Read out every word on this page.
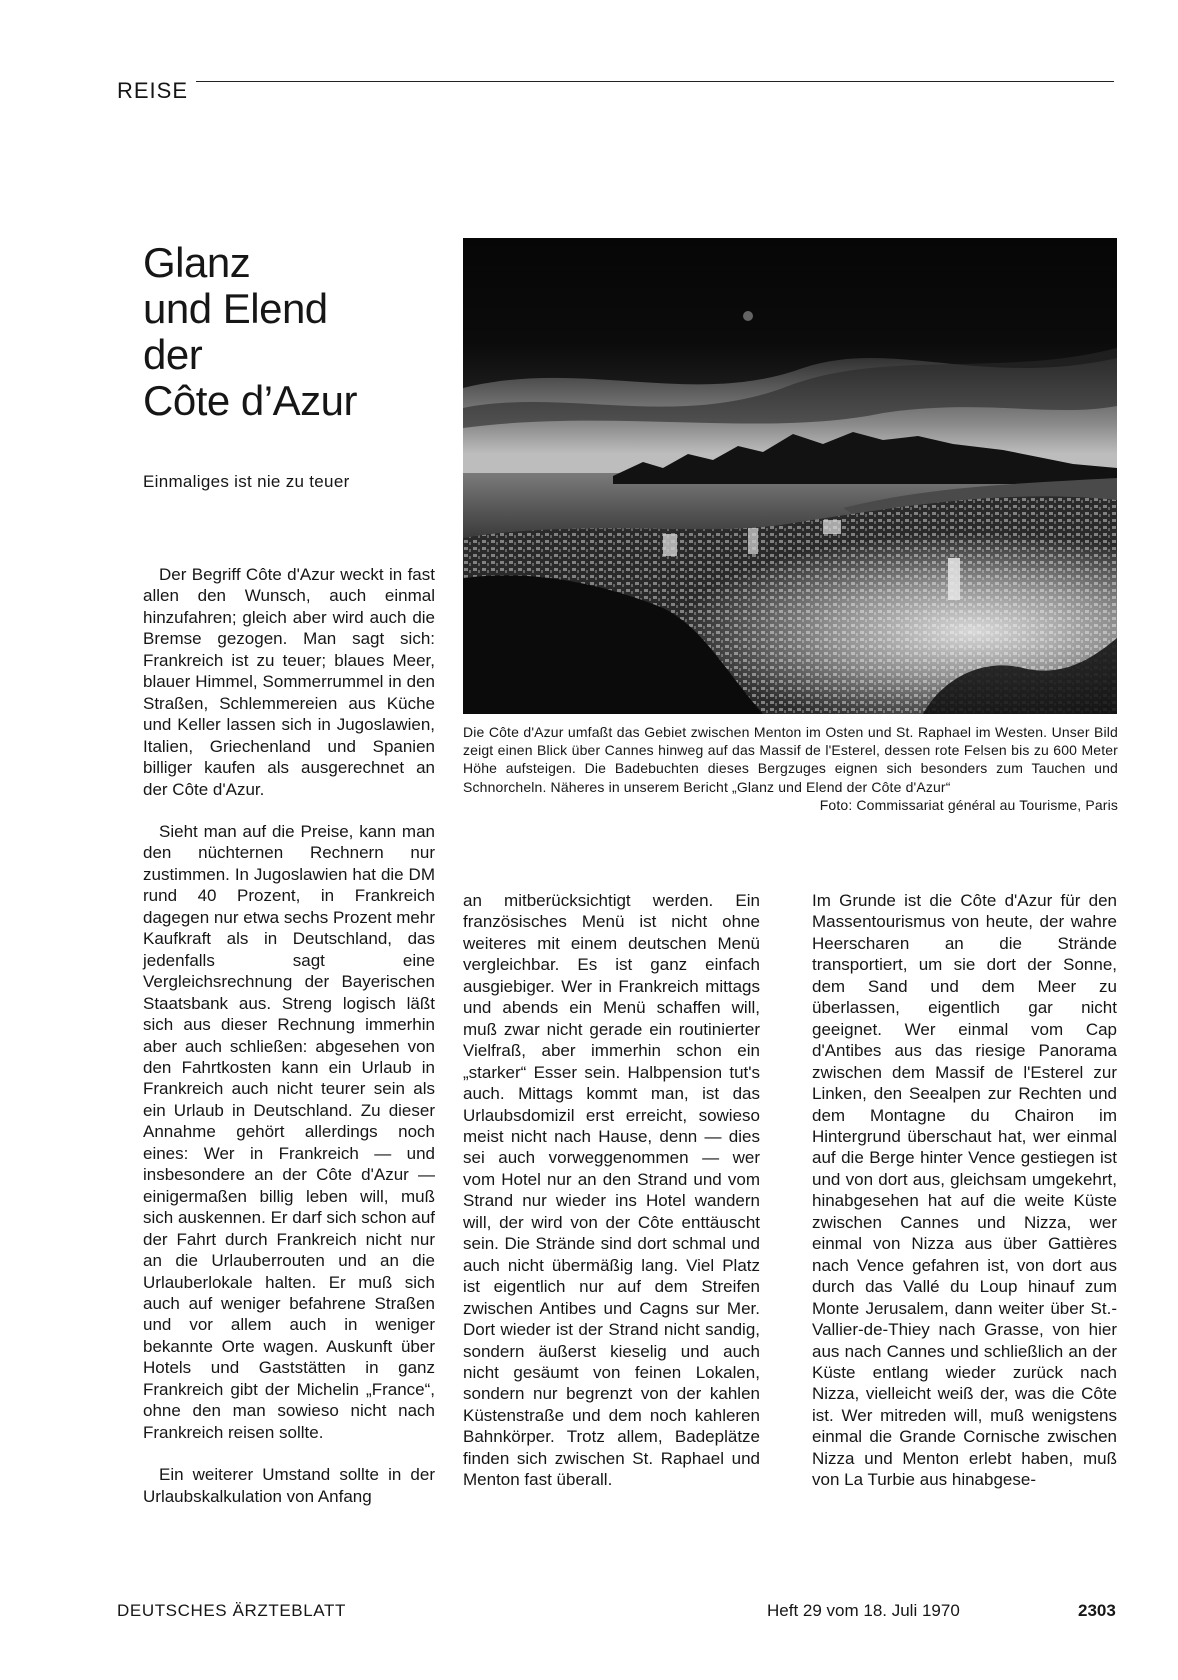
REISE
Glanz
und Elend
der
Côte d’Azur
Einmaliges ist nie zu teuer
Die Côte d'Azur umfaßt das Gebiet zwischen Menton im Osten und St. Raphael im Westen. Unser Bild zeigt einen Blick über Cannes hinweg auf das Massif de l'Esterel, dessen rote Felsen bis zu 600 Meter Höhe aufsteigen. Die Badebuchten dieses Bergzuges eignen sich besonders zum Tauchen und Schnorcheln. Näheres in unserem Bericht „Glanz und Elend der Côte d'Azur“
Foto: Commissariat général au Tourisme, Paris

Der Begriff Côte d'Azur weckt in fast allen den Wunsch, auch einmal hinzufahren; gleich aber wird auch die Bremse gezogen. Man sagt sich: Frankreich ist zu teuer; blaues Meer, blauer Himmel, Sommerrummel in den Straßen, Schlemmereien aus Küche und Keller lassen sich in Jugoslawien, Italien, Griechenland und Spanien billiger kaufen als ausgerechnet an der Côte d'Azur.

Sieht man auf die Preise, kann man den nüchternen Rechnern nur zustimmen. In Jugoslawien hat die DM rund 40 Prozent, in Frankreich dagegen nur etwa sechs Prozent mehr Kaufkraft als in Deutschland, das jedenfalls sagt eine Vergleichsrechnung der Bayerischen Staatsbank aus. Streng logisch läßt sich aus dieser Rechnung immerhin aber auch schließen: abgesehen von den Fahrtkosten kann ein Urlaub in Frankreich auch nicht teurer sein als ein Urlaub in Deutschland. Zu dieser Annahme gehört allerdings noch eines: Wer in Frankreich — und insbesondere an der Côte d'Azur — einigermaßen billig leben will, muß sich auskennen. Er darf sich schon auf der Fahrt durch Frankreich nicht nur an die Urlauberrouten und an die Urlauberlokale halten. Er muß sich auch auf weniger befahrene Straßen und vor allem auch in weniger bekannte Orte wagen. Auskunft über Hotels und Gaststätten in ganz Frankreich gibt der Michelin „France“, ohne den man sowieso nicht nach Frankreich reisen sollte.

Ein weiterer Umstand sollte in der Urlaubskalkulation von Anfang

an mitberücksichtigt werden. Ein französisches Menü ist nicht ohne weiteres mit einem deutschen Menü vergleichbar. Es ist ganz einfach ausgiebiger. Wer in Frankreich mittags und abends ein Menü schaffen will, muß zwar nicht gerade ein routinierter Vielfraß, aber immerhin schon ein „starker“ Esser sein. Halbpension tut's auch. Mittags kommt man, ist das Urlaubsdomizil erst erreicht, sowieso meist nicht nach Hause, denn — dies sei auch vorweggenommen — wer vom Hotel nur an den Strand und vom Strand nur wieder ins Hotel wandern will, der wird von der Côte enttäuscht sein. Die Strände sind dort schmal und auch nicht übermäßig lang. Viel Platz ist eigentlich nur auf dem Streifen zwischen Antibes und Cagns sur Mer. Dort wieder ist der Strand nicht sandig, sondern äußerst kieselig und auch nicht gesäumt von feinen Lokalen, sondern nur begrenzt von der kahlen Küstenstraße und dem noch kahleren Bahnkörper. Trotz allem, Badeplätze finden sich zwischen St. Raphael und Menton fast überall.

Im Grunde ist die Côte d'Azur für den Massentourismus von heute, der wahre Heerscharen an die Strände transportiert, um sie dort der Sonne, dem Sand und dem Meer zu überlassen, eigentlich gar nicht geeignet. Wer einmal vom Cap d'Antibes aus das riesige Panorama zwischen dem Massif de l'Esterel zur Linken, den Seealpen zur Rechten und dem Montagne du Chairon im Hintergrund überschaut hat, wer einmal auf die Berge hinter Vence gestiegen ist und von dort aus, gleichsam umgekehrt, hinabgesehen hat auf die weite Küste zwischen Cannes und Nizza, wer einmal von Nizza aus über Gattières nach Vence gefahren ist, von dort aus durch das Vallé du Loup hinauf zum Monte Jerusalem, dann weiter über St.-Vallier-de-Thiey nach Grasse, von hier aus nach Cannes und schließlich an der Küste entlang wieder zurück nach Nizza, vielleicht weiß der, was die Côte ist. Wer mitreden will, muß wenigstens einmal die Grande Cornische zwischen Nizza und Menton erlebt haben, muß von La Turbie aus hinabgese-

DEUTSCHES ÄRZTEBLATT	Heft 29 vom 18. Juli 1970	2303
